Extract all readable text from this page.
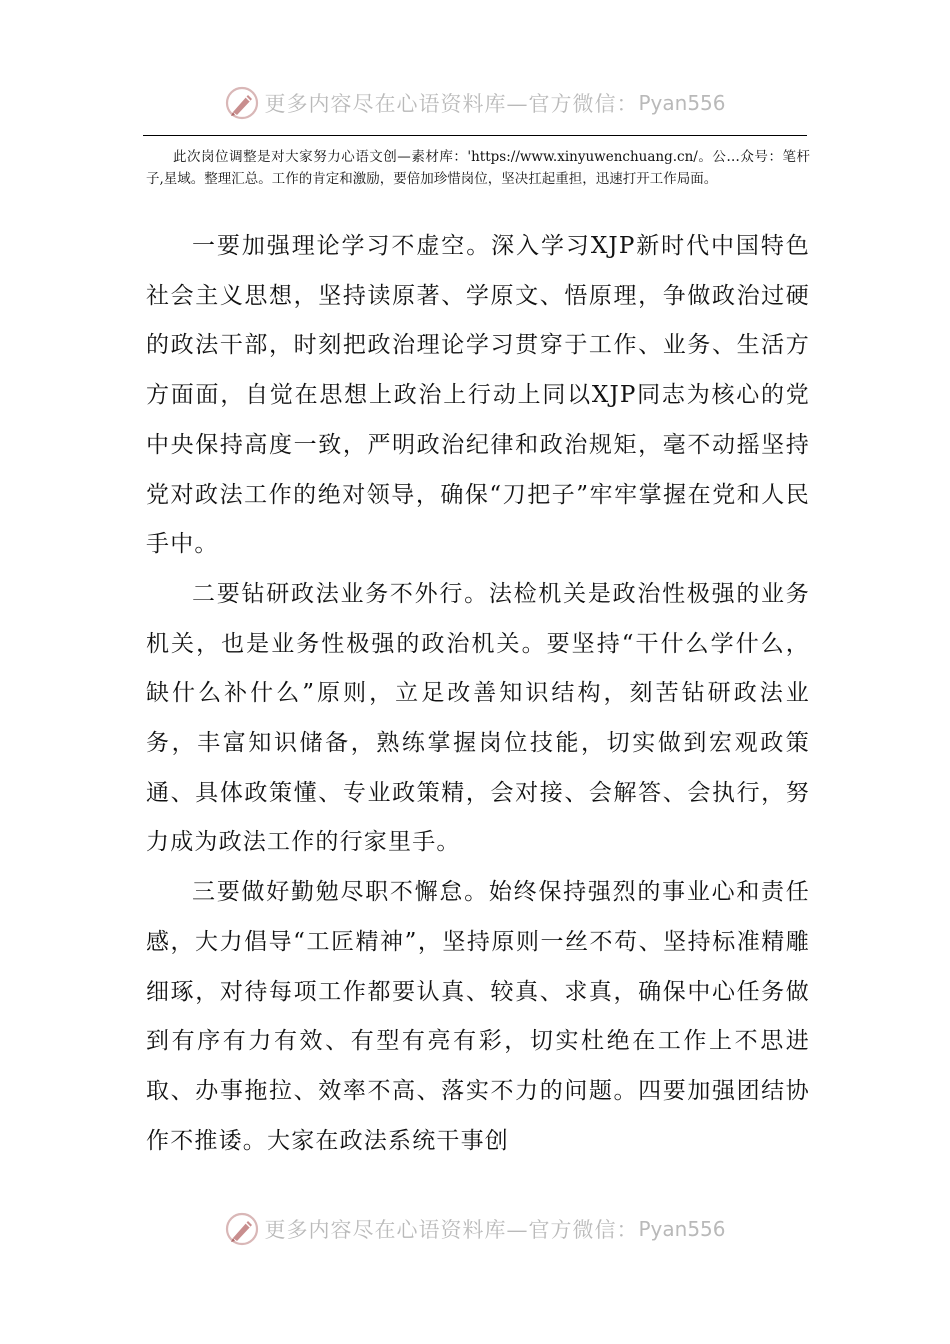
更多内容尽在心语资料库—官方微信： Pyan556
此次岗位调整是对大家努力心语文创—素材库：'https://www.xinyuwenchuang.cn/。公…众号：笔杆子,星域。整理汇总。工作的肯定和激励，要倍加珍惜岗位，坚决扛起重担，迅速打开工作局面。

一要加强理论学习不虚空。深入学习XJP新时代中国特色社会主义思想，坚持读原著、学原文、悟原理，争做政治过硬的政法干部，时刻把政治理论学习贯穿于工作、业务、生活方方面面，自觉在思想上政治上行动上同以XJP同志为核心的党中央保持高度一致，严明政治纪律和政治规矩，毫不动摇坚持党对政法工作的绝对领导，确保“刀把子”牢牢掌握在党和人民手中。

二要钻研政法业务不外行。法检机关是政治性极强的业务机关，也是业务性极强的政治机关。要坚持“干什么学什么，缺什么补什么”原则，立足改善知识结构，刻苦钻研政法业务，丰富知识储备，熟练掌握岗位技能，切实做到宏观政策通、具体政策懂、专业政策精，会对接、会解答、会执行，努力成为政法工作的行家里手。

三要做好勤勉尽职不懈怠。始终保持强烈的事业心和责任感，大力倡导“工匠精神”，坚持原则一丝不苟、坚持标准精雕细琢，对待每项工作都要认真、较真、求真，确保中心任务做到有序有力有效、有型有亮有彩，切实杜绝在工作上不思进取、办事拖拉、效率不高、落实不力的问题。四要加强团结协作不推诿。大家在政法系统干事创

更多内容尽在心语资料库—官方微信： Pyan556
